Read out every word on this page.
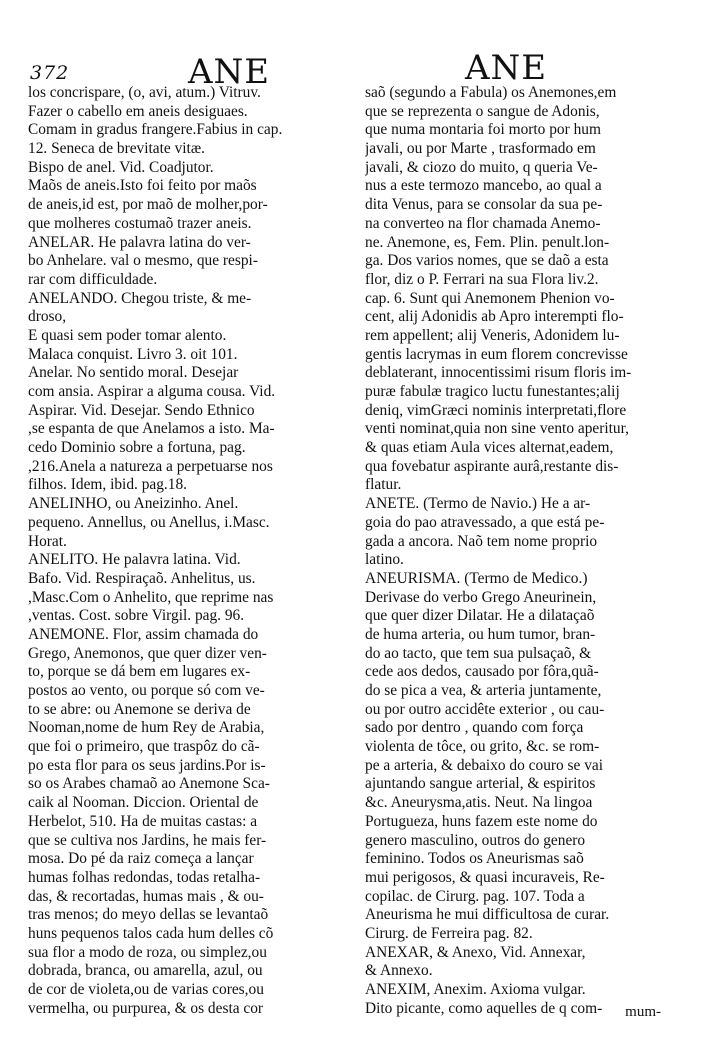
372	ANE	ANE
los concrispare, (o, avi, atum.) Vitruv.
Fazer o cabello em aneis desiguaes.
Comam in gradus frangere.Fabius in cap.
12. Seneca de brevitate vitæ.
Bispo de anel. Vid. Coadjutor.
Maõs de aneis.Isto foi feito por maõs
de aneis,id est, por maõ de molher,por-
que molheres costumaõ trazer aneis.
ANELAR. He palavra latina do ver-
bo Anhelare. val o mesmo, que respi-
rar com difficuldade.
ANELANDO. Chegou triste, & me-
droso,
E quasi sem poder tomar alento.
Malaca conquist. Livro 3. oit 101.
Anelar. No sentido moral. Desejar
com ansia. Aspirar a alguma cousa. Vid.
Aspirar. Vid. Desejar. Sendo Ethnico
,se espanta de que Anelamos a isto. Ma-
cedo Dominio sobre a fortuna, pag.
,216.Anela a natureza a perpetuarse nos
filhos. Idem, ibid. pag.18.
ANELINHO, ou Aneizinho. Anel.
pequeno. Annellus, ou Anellus, i.Masc.
Horat.
ANELITO. He palavra latina. Vid.
Bafo. Vid. Respiraçaõ. Anhelitus, us.
,Masc.Com o Anhelito, que reprime nas
,ventas. Cost. sobre Virgil. pag. 96.
ANEMONE. Flor, assim chamada do
Grego, Anemonos, que quer dizer ven-
to, porque se dá bem em lugares ex-
postos ao vento, ou porque só com ve-
to se abre: ou Anemone se deriva de
Nooman,nome de hum Rey de Arabia,
que foi o primeiro, que traspôz do cã-
po esta flor para os seus jardins.Por is-
so os Arabes chamaõ ao Anemone Sca-
caik al Nooman. Diccion. Oriental de
Herbelot, 510. Ha de muitas castas: a
que se cultiva nos Jardins, he mais fer-
mosa. Do pé da raiz começa a lançar
humas folhas redondas, todas retalha-
das, & recortadas, humas mais , & ou-
tras menos; do meyo dellas se levantaõ
huns pequenos talos cada hum delles cõ
sua flor a modo de roza, ou simplez,ou
dobrada, branca, ou amarella, azul, ou
de cor de violeta,ou de varias cores,ou
vermelha, ou purpurea, & os desta cor
saõ (segundo a Fabula) os Anemones,em
que se reprezenta o sangue de Adonis,
que numa montaria foi morto por hum
javali, ou por Marte , trasformado em
javali, & ciozo do muito, q queria Ve-
nus a este termozo mancebo, ao qual a
dita Venus, para se consolar da sua pe-
na converteo na flor chamada Anemo-
ne. Anemone, es, Fem. Plin. penult.lon-
ga. Dos varios nomes, que se daõ a esta
flor, diz o P. Ferrari na sua Flora liv.2.
cap. 6. Sunt qui Anemonem Phenion vo-
cent, alij Adonidis ab Apro interempti flo-
rem appellent; alij Veneris, Adonidem lu-
gentis lacrymas in eum florem concrevisse
deblaterant, innocentissimi risum floris im-
puræ fabulæ tragico luctu funestantes;alij
deniq, vimGræci nominis interpretati,flore
venti nominat,quia non sine vento aperitur,
& quas etiam Aula vices alternat,eadem,
qua fovebatur aspirante aurâ,restante dis-
flatur.
ANETE. (Termo de Navio.) He a ar-
goia do pao atravessado, a que está pe-
gada a ancora. Naõ tem nome proprio
latino.
ANEURISMA. (Termo de Medico.)
Derivase do verbo Grego Aneurinein,
que quer dizer Dilatar. He a dilataçaõ
de huma arteria, ou hum tumor, bran-
do ao tacto, que tem sua pulsaçaõ, &
cede aos dedos, causado por fôra,quã-
do se pica a vea, & arteria juntamente,
ou por outro accidête exterior , ou cau-
sado por dentro , quando com força
violenta de tôce, ou grito, &c. se rom-
pe a arteria, & debaixo do couro se vai
ajuntando sangue arterial, & espiritos
&c. Aneurysma,atis. Neut. Na lingoa
Portugueza, huns fazem este nome do
genero masculino, outros do genero
feminino. Todos os Aneurismas saõ
mui perigosos, & quasi incuraveis, Re-
copilac. de Cirurg. pag. 107. Toda a
Aneurisma he mui difficultosa de curar.
Cirurg. de Ferreira pag. 82.
ANEXAR, & Anexo, Vid. Annexar,
& Annexo.
ANEXIM, Anexim. Axioma vulgar.
Dito picante, como aquelles de q com-	mum-
